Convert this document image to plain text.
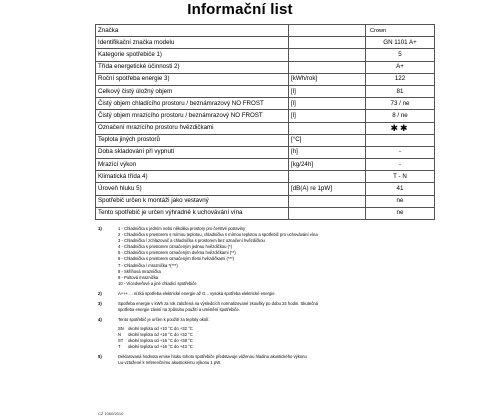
Informační list
Značka		Crown
Identifikační značka modelu		GN 1101 A+
Kategorie spotřebiče 1)		5
Třída energetické účinnosti 2)		A+
Roční spotřeba energie 3)	[kWh/rok]	122
Celkový čistý úložný objem	[l]	81
Čistý objem chladícího prostoru / beznámrazový NO FROST	[l]	73 / ne
Čistý objem mrazícího prostoru / beznámrazový NO FROST	[l]	8 / ne
Označení mrazícího prostoru hvězdičkami		✱✱
Teplota jiných prostorů	[°C]	
Doba skladování při vypnutí	[h]	-
Mrazící výkon	[kg/24h]	-
Klimatická třída 4)		T - N
Úroveň hluku 5)	[dB(A) re 1pW]	41
Spotřebič určen k montáži jako vestavný		ne
Tento spotřebič je určen výhradně k uchovávání vína		ne
1)	1 - Chladnička s jedním nebo několika prostory pro čerstvé potraviny

2 - Chladnička s prostorem s mírnou teplotou, chladnička s mírnou teplotou a spotřebič pro uchovávání vína

3 - Chladnička / zchlazovač a chladnička s prostorem bez označení hvězdičkou

4 - Chladnička s prostorem označeným jednou hvězdičkou (*)

5 - Chladnička s prostorem označeným dvěma hvězdičkami (**)

6 - Chladnička s prostorem označeným třemi hvězdičkami (***)

7 - Chladnička / mraznička *(***)

8 - Skříňová mraznička

9 - Pultová mraznička

10 - Vícedveřové a jiné chladicí spotřebiče

2)	A+++ ... nízká spotřeba elektrické energie až G... vysoká spotřeba elektrické energie

3)	Spotřeba energie v kWh za rok založená na výsledcích normalizované zkoušky po dobu 24 hodin. Skutečná

spotřeba energie závisí na způsobu použití a umístění spotřebiče.

4)	Tento spotřebič je určen k použití za teploty okolí:

SN okolní teplota od +10 °C do +32 °C

N okolní teplota od +16 °C do +32 °C

ST okolní teplota od +16 °C do +38 °C

T okolní teplota od +16 °C do +43 °C

5)	Deklarovaná hodnota emise hluku tohoto spotřebiče představuje váženou hladinu akustického výkonu

Lw vztažené k referenčnímu akustickému výkonu 1 pW.

CZ 1060/2010
